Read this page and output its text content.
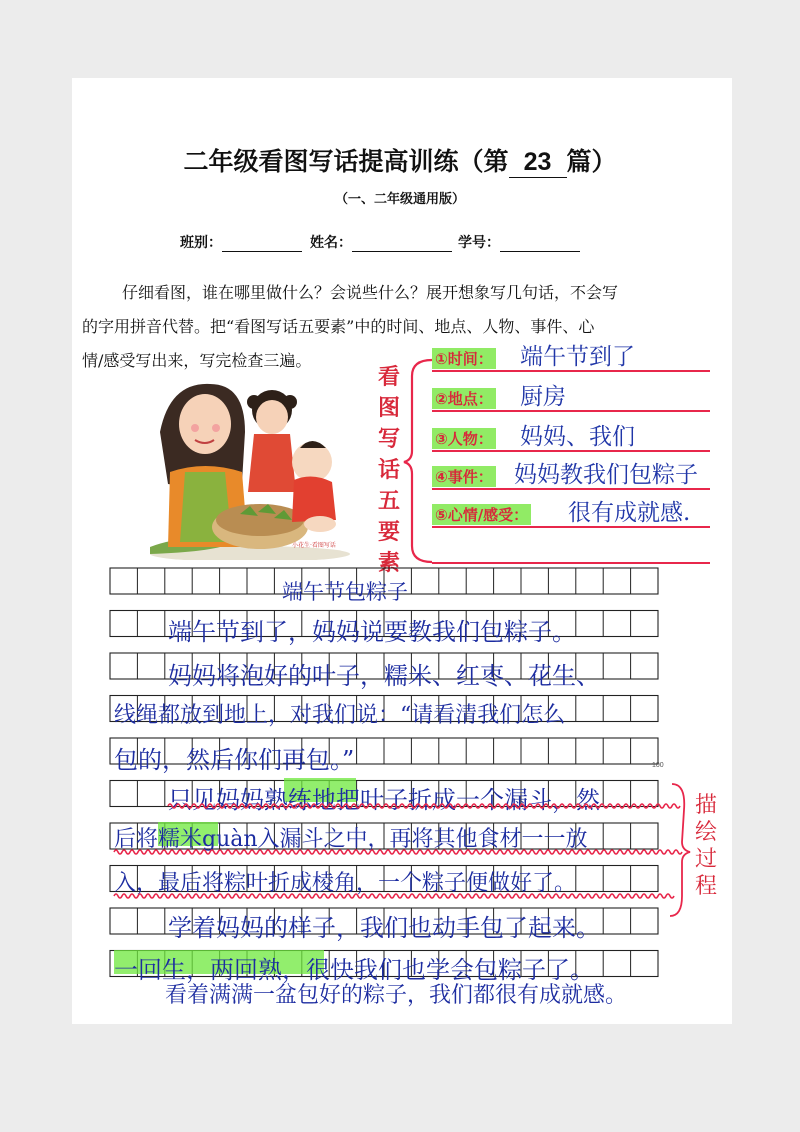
二年级看图写话提高训练（第 23 篇）
（一、二年级通用版）
班别：	姓名：	学号：
仔细看图，谁在哪里做什么？会说些什么？展开想象写几句话，不会写
的字用拼音代替。把“看图写话五要素”中的时间、地点、人物、事件、心
情/感受写出来，写完检查三遍。
小花生·看图写话
看
图
写
话
五
要
素
①时间： 端午节到了
②地点： 厨房
③人物： 妈妈、我们
④事件： 妈妈教我们包粽子
⑤心情/感受： 很有成就感.
端午节包粽子
端午节到了，妈妈说要教我们包粽子。
妈妈将泡好的叶子，糯米、红枣、花生、
线绳都放到地上，对我们说：“请看清我们怎么
包的，然后你们再包。”
只见妈妈熟练地把叶子折成一个漏斗，然
后将糯米guàn入漏斗之中，再将其他食材一一放
入，最后将粽叶折成棱角，一个粽子便做好了。
学着妈妈的样子，我们也动手包了起来。
一回生，两回熟，很快我们也学会包粽子了。
100
描
绘
过
程
看着满满一盆包好的粽子，我们都很有成就感。
